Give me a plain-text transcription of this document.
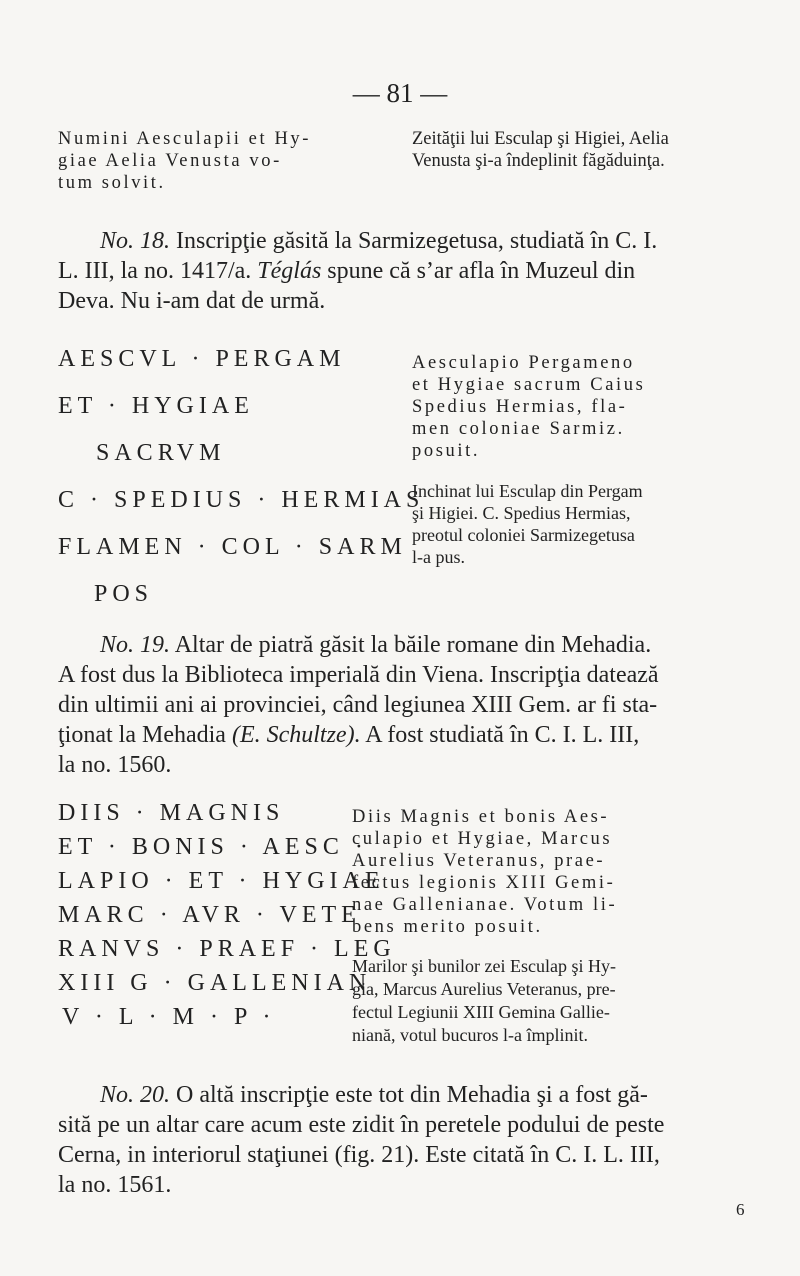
— 81 —
Numini Aesculapii et Hy-
giae Aelia Venusta vo-
tum solvit.
Zeităţii lui Esculap şi Higiei, Aelia
Venusta şi-a îndeplinit făgăduinţa.

No. 18. Inscripţie găsită la Sarmizegetusa, studiată în C. I.

L. III, la no. 1417/a. Téglás spune că s’ar afla în Muzeul din

Deva. Nu i-am dat de urmă.

AESCVL · PERGAM
ET · HYGIAE
SACRVM
C · SPEDIUS · HERMIAS
FLAMEN · COL · SARM
POS
Aesculapio Pergameno
et Hygiae sacrum Caius
Spedius Hermias, fla-
men coloniae Sarmiz.
posuit.
Inchinat lui Esculap din Pergam
şi Higiei. C. Spedius Hermias,
preotul coloniei Sarmizegetusa
l-a pus.

No. 19. Altar de piatră găsit la băile romane din Mehadia.

A fost dus la Biblioteca imperială din Viena. Inscripţia datează

din ultimii ani ai provinciei, când legiunea XIII Gem. ar fi sta-

ţionat la Mehadia (E. Schultze). A fost studiată în C. I. L. III,

la no. 1560.

DIIS · MAGNIS
ET · BONIS · AESC ·
LAPIO · ET · HYGIAE
MARC · AVR · VETE
RANVS · PRAEF · LEG
XIII G · GALLENIAN
V · L · M · P ·
Diis Magnis et bonis Aes-
culapio et Hygiae, Marcus
Aurelius Veteranus, prae-
fectus legionis XIII Gemi-
nae Gallenianae. Votum li-
bens merito posuit.
Marilor şi bunilor zei Esculap şi Hy-
gia, Marcus Aurelius Veteranus, pre-
fectul Legiunii XIII Gemina Gallie-
niană, votul bucuros l-a împlinit.

No. 20. O altă inscripţie este tot din Mehadia şi a fost gă-

sită pe un altar care acum este zidit în peretele podului de peste

Cerna, in interiorul staţiunei (fig. 21). Este citată în C. I. L. III,

la no. 1561.

6
